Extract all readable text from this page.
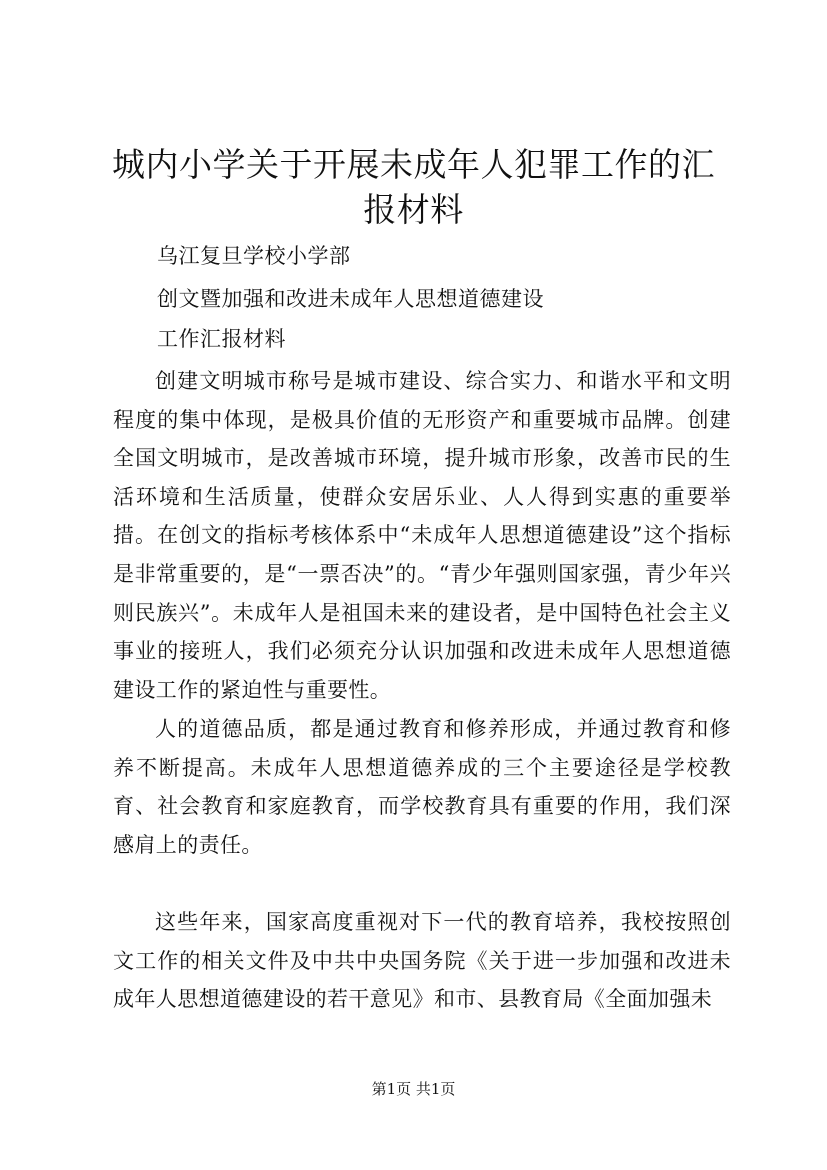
城内小学关于开展未成年人犯罪工作的汇报材料

乌江复旦学校小学部

创文暨加强和改进未成年人思想道德建设

工作汇报材料

创建文明城市称号是城市建设、综合实力、和谐水平和文明程度的集中体现，是极具价值的无形资产和重要城市品牌。创建全国文明城市，是改善城市环境，提升城市形象，改善市民的生活环境和生活质量，使群众安居乐业、人人得到实惠的重要举措。在创文的指标考核体系中“未成年人思想道德建设”这个指标是非常重要的，是“一票否决”的。“青少年强则国家强，青少年兴则民族兴”。未成年人是祖国未来的建设者，是中国特色社会主义事业的接班人，我们必须充分认识加强和改进未成年人思想道德建设工作的紧迫性与重要性。

人的道德品质，都是通过教育和修养形成，并通过教育和修养不断提高。未成年人思想道德养成的三个主要途径是学校教育、社会教育和家庭教育，而学校教育具有重要的作用，我们深感肩上的责任。

这些年来，国家高度重视对下一代的教育培养，我校按照创文工作的相关文件及中共中央国务院《关于进一步加强和改进未成年人思想道德建设的若干意见》和市、县教育局《全面加强未

第1页 共1页
